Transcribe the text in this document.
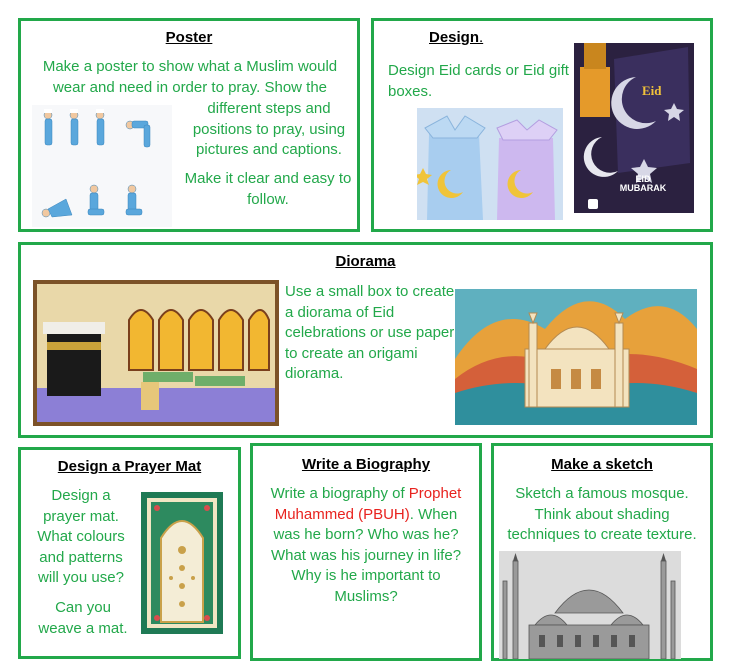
Poster
Make a poster to show what a Muslim would wear and need in order to pray. Show the
different steps and positions to pray, using pictures and captions.
Make it clear and easy to follow.
Design.
Design Eid cards or Eid gift boxes.	Eid
EID MUBARAK
Diorama
Use a small box to create a diorama of Eid celebrations or use paper to create an origami diorama.
Design a Prayer Mat
Design a prayer mat. What colours and patterns will you use?
Can you weave a mat.
Write a Biography
Write a biography of Prophet Muhammed (PBUH). When was he born? Who was he? What was his journey in life? Why is he important to Muslims?
Make a sketch
Sketch a famous mosque. Think about shading techniques to create texture.
